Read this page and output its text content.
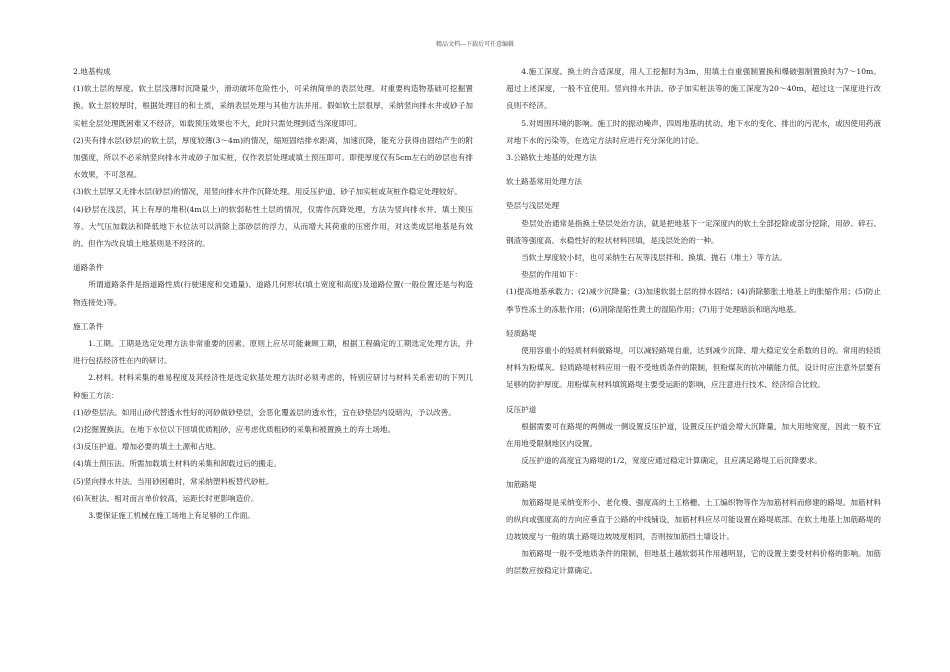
精品文档---下载后可任意编辑

2.地基构成

(1)软土层的厚度。软土层浅薄时沉降量少，滑动破坏危险性小，可采纳简单的表层处理。对重要构造物基础可挖掘置换。软土层较厚时，根据处理目的和土质，采纳表层处理与其他方法并用。假如软土层很厚，采纳竖向排水井或砂子加实桩全层处理既困难又不经济，如载预压效果也不大，此时只需处理到适当深度即可。

(2)夹有排水层(砂层)的软土层，厚度较薄(3～4m)的情况，缩短固结排水距离，加速沉降，能充分获得由固结产生的附加强度，所以不必采纳竖向排水井或砂子加实桩，仅作表层处理或填土预压即可。即使厚度仅有5cm左右的砂层也有排水效果，不可忽视。

(3)软土层厚又无排水层(砂层)的情况，用竖向排水井作沉降处理。用反压护道、砂子加实桩或灰桩作稳定处理较好。

(4)砂层在浅层，其上有厚的堆积(4m以上)的软弱粘性土层的情况，仅需作沉降处理，方法为竖向排水井、填土预压等。大气压加载法和降低地下水位法可以消除上部砂层的浮力，从而增大其荷重的压密作用，对这类成层地基是有效的。但作为改良填土地基则是不经济的。

道路条件

所谓道路条件是指道路性质(行驶速度和交通量)、道路几何形状(填土宽度和高度)及道路位置(一般位置还是与构造物连接处)等。

施工条件

1.工期。工期是选定处理方法非常重要的因素。原则上应尽可能兼顾工期，根据工程确定的工期选定处理方法，并进行包括经济性在内的研讨。

2.材料。材料采集的难易程度及其经济性是选定软基处理方法时必须考虑的，特别应研讨与材料关系密切的下列几种施工方法：

(1)砂垫层法。如用山砂代替透水性好的河砂做砂垫层，会恶化覆盖层的透水性，宜在砂垫层内设暗沟，予以改善。

(2)挖掘置换法。在地下水位以下回填优质粗砂，应考虑优质粗砂的采集和被置换土的弃土场地。

(3)反压护道。增加必要的填土土源和占地。

(4)填土预压法。所需加载填土材料的采集和卸载过后的搬走。

(5)竖向排水井法。当用砂困难时，常采纳塑料板替代砂桩。

(6)灰桩法。相对而言单价较高，运距长时更影响造价。

3.要保证施工机械在施工场地上有足够的工作面。

4.施工深度。换土的合适深度，用人工挖掘时为3m，用填土自重强制置换和爆破强制置换时为7～10m。超过上述深度，一般不宜使用。竖向排水井法、砂子加实桩法等的施工深度为20～40m，超过这一深度进行改良则不经济。

5.对周围环境的影响。施工时的振动噪声、四周地基的扰动、地下水的变化、排出的污泥水，或因使用药液对地下水的污染等，在选定方法时应进行充分深化的讨论。

3.公路软土地基的处理方法

软土路基常用处理方法

垫层与浅层处理

垫层处治通常是指换土垫层处治方法，就是把地基下一定深度内的软土全部挖除或部分挖除，用砂、碎石、钢渣等强度高、水稳性好的粒状材料回填，是浅层处治的一种。

当软土厚度较小时，也可采纳生石灰等浅层拌和、换填、抛石（堆土）等方法。

垫层的作用如下：

(1)提高地基承载力；(2)减少沉降量；(3)加速软弱土层的排水固结；(4)消除膨胀土地基上的胀缩作用；(5)防止季节性冻土的冻胀作用；(6)消除湿陷性黄土的湿陷作用；(7)用于处理暗浜和暗沟地基。

轻质路堤

使用容重小的轻质材料做路堤，可以减轻路堤自重，达到减少沉降、增大稳定安全系数的目的。常用的轻质材料为粉煤灰。轻质路堤材料应用一般不受地质条件的限制，但粉煤灰的抗冲刷能力低，设计时应注意外层要有足够的防护厚度。用粉煤灰材料填筑路堤主要受运距的影响，应注意进行技术、经济综合比较。

反压护道

根据需要可在路堤的两侧或一侧设置反压护道，设置反压护道会增大沉降量，加大用地宽度，因此一般不宜在用地受限制地区内设置。

反压护道的高度宜为路堤的1/2，宽度应通过稳定计算确定，且应满足路堤工后沉降要求。

加筋路堤

加筋路堤是采纳变形小、老化慢、强度高的土工格栅、土工编织物等作为加筋材料而修建的路堤。加筋材料的纵向或强度高的方向应垂直于公路的中线铺设，加筋材料应尽可能设置在路堤底部。在软土地基上加筋路堤的边坡坡度与一般的填土路堤边坡坡度相同，否则按加筋挡土墙设计。

加筋路堤一般不受地质条件的限制，但地基土越软弱其作用越明显，它的设置主要受材料价格的影响。加筋的层数应按稳定计算确定。
